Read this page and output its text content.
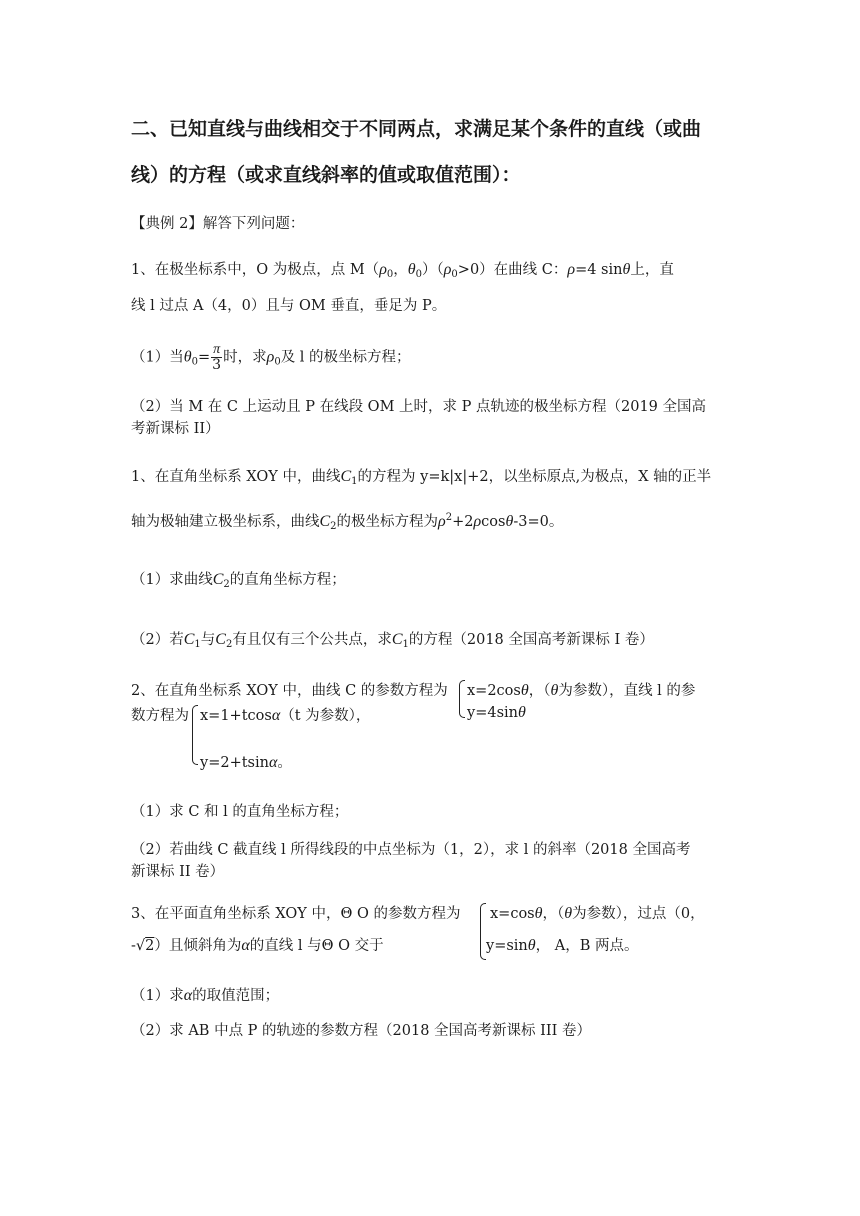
二、已知直线与曲线相交于不同两点，求满足某个条件的直线（或曲
线）的方程（或求直线斜率的值或取值范围）：
【典例 2】解答下列问题：
1、在极坐标系中，O 为极点，点 $M(\rho_0$，$\theta_0)(\rho_0>0)$在曲线 C：ρ=4 sinθ上，直
线 l 过点 A（4，0）且与 OM 垂直，垂足为 P。
（1）当$\theta_0= \frac{\pi}{3}$ 时，求$\rho_0$及 l 的极坐标方程；
（2）当 M 在 C 上运动且 P 在线段 OM 上时，求 P 点轨迹的极坐标方程（2019 全国高
考新课标 II）
1、在直角坐标系 XOY 中，曲线$C_1$的方程为 y=k|x|+2，以坐标原点,为极点，X 轴的正半
轴为极轴建立极坐标系，曲线$C_2$的极坐标方程为$\rho^2+2\rho\cos\theta-3=0$。
（1）求曲线$C_2$的直角坐标方程；
（2）若$C_1$与$C_2$有且仅有三个公共点，求$C_1$的方程（2018 全国高考新课标 I 卷）
2、在直角坐标系 XOY 中，曲线 C 的参数方程为 x=2cosθ，（θ为参数），直线 l 的参
y=4sinθ
数方程为 x=1+tcosα（t 为参数），
y=2+tsinα。
（1）求 C 和 l 的直角坐标方程；
（2）若曲线 C 截直线 l 所得线段的中点坐标为（1，2），求 l 的斜率（2018 全国高考
新课标 II 卷）
3、在平面直角坐标系 XOY 中，Θ O 的参数方程为 x=cosθ，（θ为参数），过点（0，
-√2）且倾斜角为α的直线 l 与Θ O 交于	y=sinθ， A，B 两点。
（1）求α的取值范围；
（2）求 AB 中点 P 的轨迹的参数方程（2018 全国高考新课标 III 卷）
